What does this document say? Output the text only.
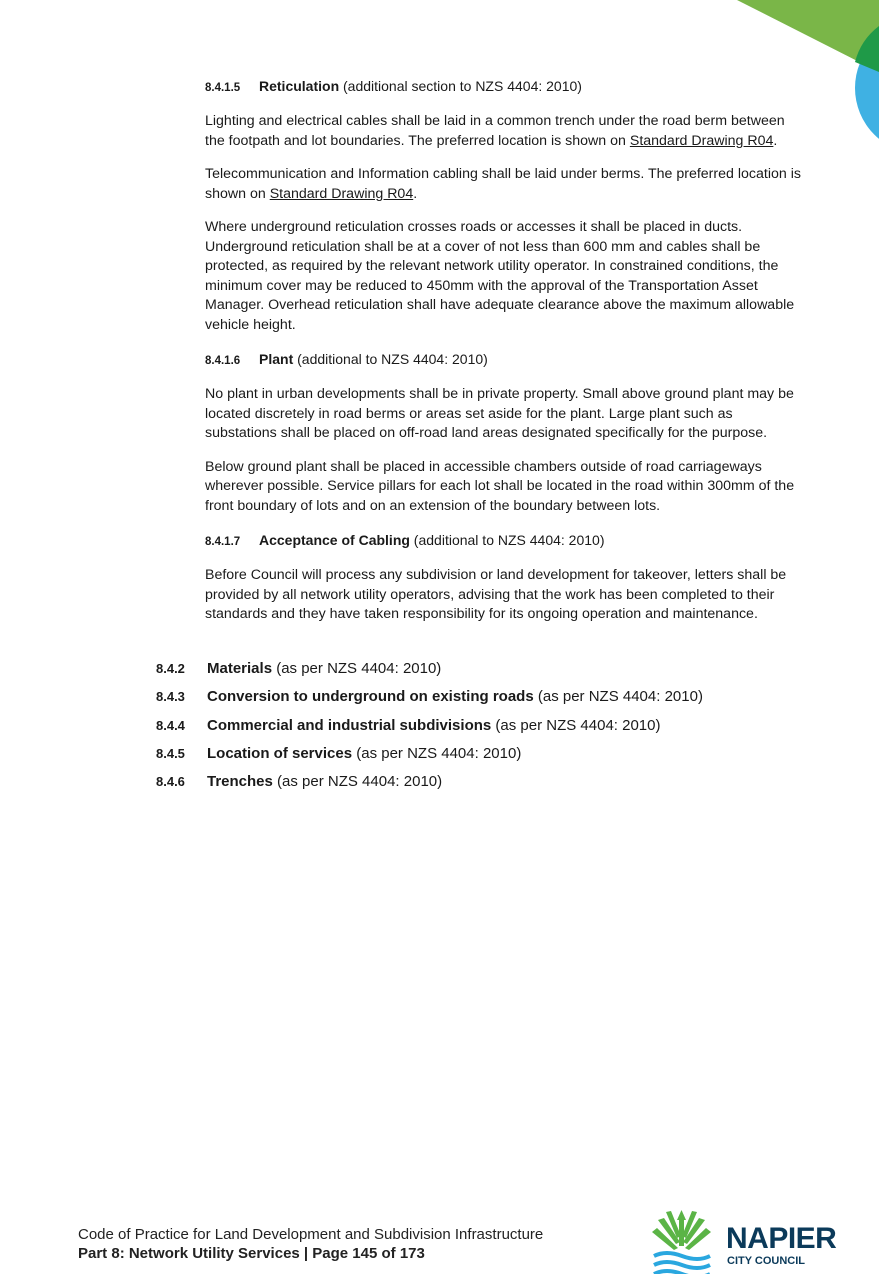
8.4.1.5 Reticulation (additional section to NZS 4404: 2010)

Lighting and electrical cables shall be laid in a common trench under the road berm between the footpath and lot boundaries. The preferred location is shown on Standard Drawing R04.

Telecommunication and Information cabling shall be laid under berms. The preferred location is shown on Standard Drawing R04.

Where underground reticulation crosses roads or accesses it shall be placed in ducts. Underground reticulation shall be at a cover of not less than 600 mm and cables shall be protected, as required by the relevant network utility operator. In constrained conditions, the minimum cover may be reduced to 450mm with the approval of the Transportation Asset Manager. Overhead reticulation shall have adequate clearance above the maximum allowable vehicle height.

8.4.1.6 Plant (additional to NZS 4404: 2010)

No plant in urban developments shall be in private property. Small above ground plant may be located discretely in road berms or areas set aside for the plant. Large plant such as substations shall be placed on off-road land areas designated specifically for the purpose.

Below ground plant shall be placed in accessible chambers outside of road carriageways wherever possible. Service pillars for each lot shall be located in the road within 300mm of the front boundary of lots and on an extension of the boundary between lots.

8.4.1.7 Acceptance of Cabling (additional to NZS 4404: 2010)

Before Council will process any subdivision or land development for takeover, letters shall be provided by all network utility operators, advising that the work has been completed to their standards and they have taken responsibility for its ongoing operation and maintenance.

8.4.2 Materials (as per NZS 4404: 2010)
8.4.3 Conversion to underground on existing roads (as per NZS 4404: 2010)
8.4.4 Commercial and industrial subdivisions (as per NZS 4404: 2010)
8.4.5 Location of services (as per NZS 4404: 2010)
8.4.6 Trenches (as per NZS 4404: 2010)
Code of Practice for Land Development and Subdivision Infrastructure
Part 8: Network Utility Services | Page 145 of 173	NAPIER
CITY COUNCIL
